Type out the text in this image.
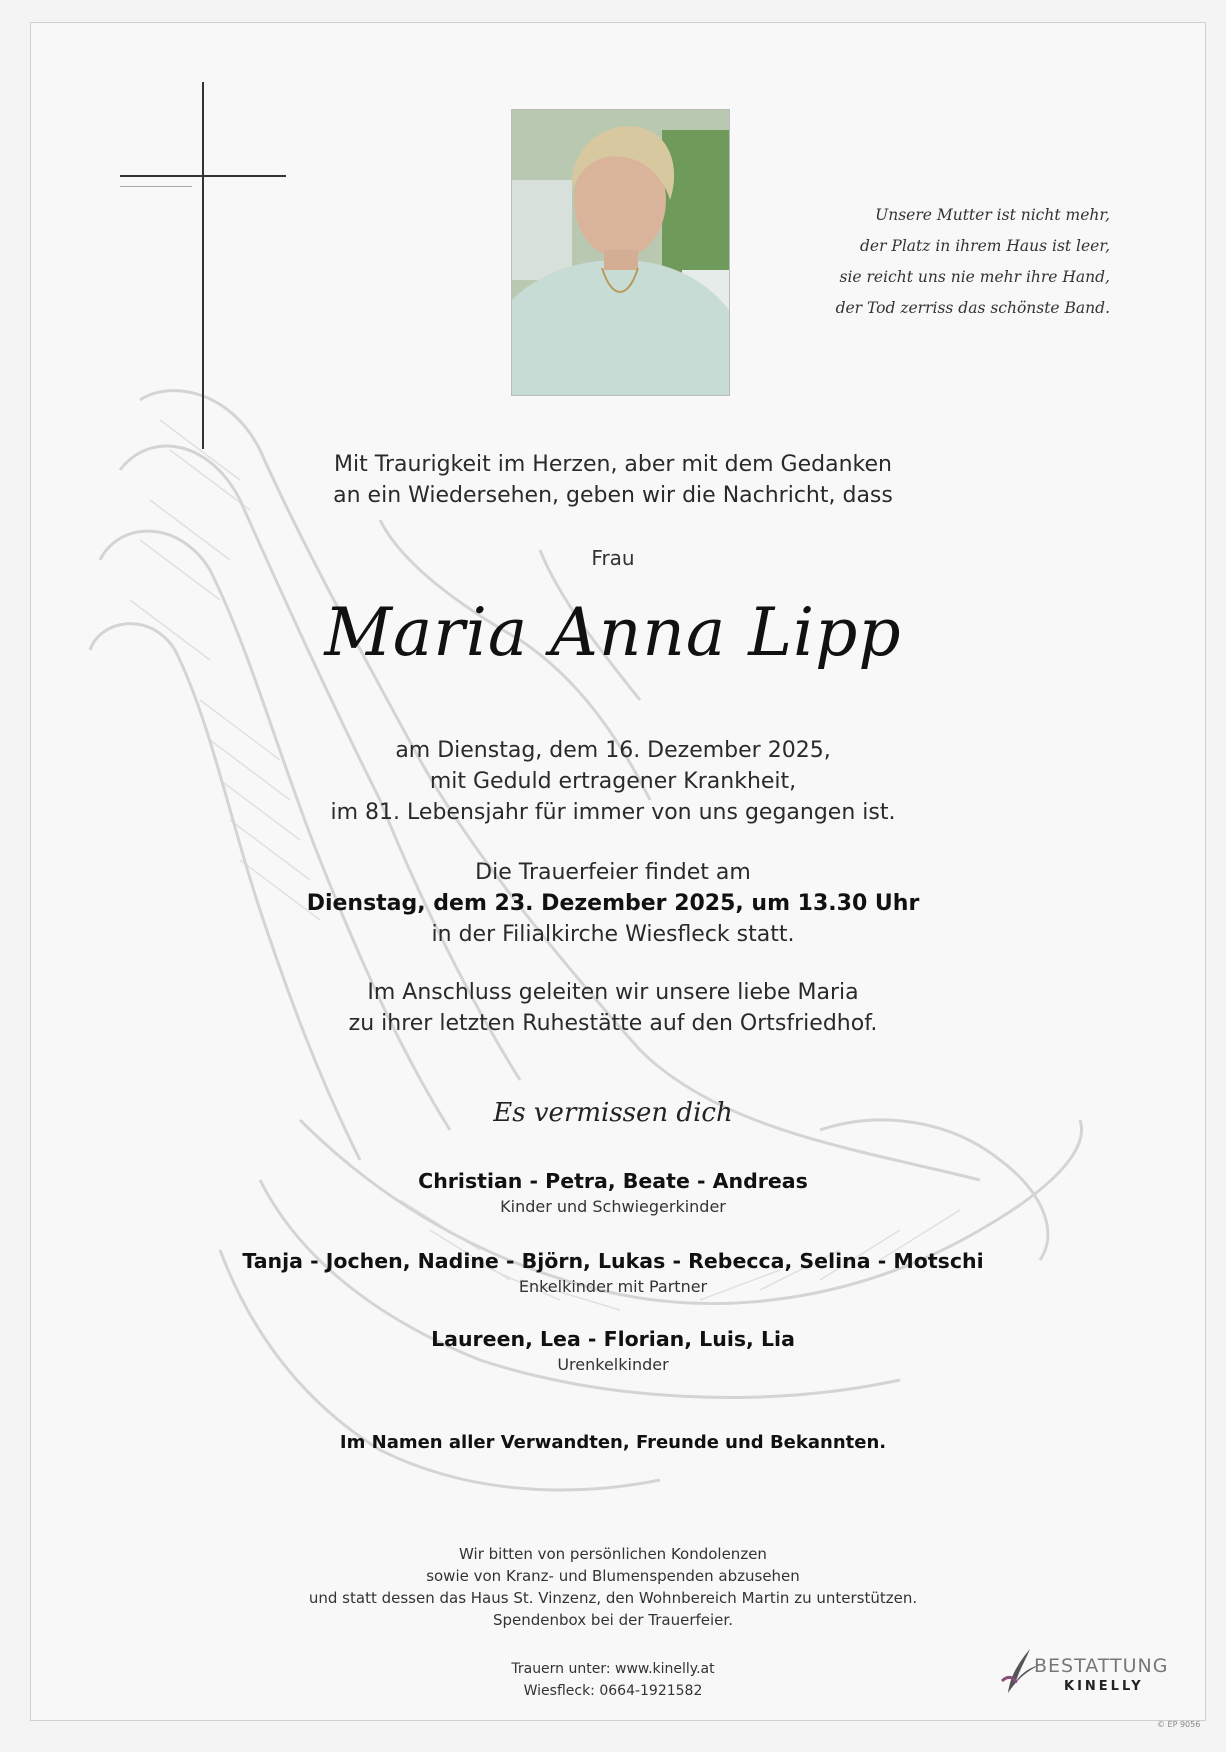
Unsere Mutter ist nicht mehr,
der Platz in ihrem Haus ist leer,
sie reicht uns nie mehr ihre Hand,
der Tod zerriss das schönste Band.
Mit Traurigkeit im Herzen, aber mit dem Gedanken
an ein Wiedersehen, geben wir die Nachricht, dass
Frau
Maria Anna Lipp
am Dienstag, dem 16. Dezember 2025,
mit Geduld ertragener Krankheit,
im 81. Lebensjahr für immer von uns gegangen ist.
Die Trauerfeier findet am
Dienstag, dem 23. Dezember 2025, um 13.30 Uhr
in der Filialkirche Wiesfleck statt.
Im Anschluss geleiten wir unsere liebe Maria
zu ihrer letzten Ruhestätte auf den Ortsfriedhof.
Es vermissen dich
Christian - Petra, Beate - Andreas
Kinder und Schwiegerkinder
Tanja - Jochen, Nadine - Björn, Lukas - Rebecca, Selina - Motschi
Enkelkinder mit Partner
Laureen, Lea - Florian, Luis, Lia
Urenkelkinder
Im Namen aller Verwandten, Freunde und Bekannten.
Wir bitten von persönlichen Kondolenzen
sowie von Kranz- und Blumenspenden abzusehen
und statt dessen das Haus St. Vinzenz, den Wohnbereich Martin zu unterstützen.
Spendenbox bei der Trauerfeier.
Trauern unter: www.kinelly.at
Wiesfleck: 0664-1921582
BESTATTUNG
KINELLY
© EP 9056
